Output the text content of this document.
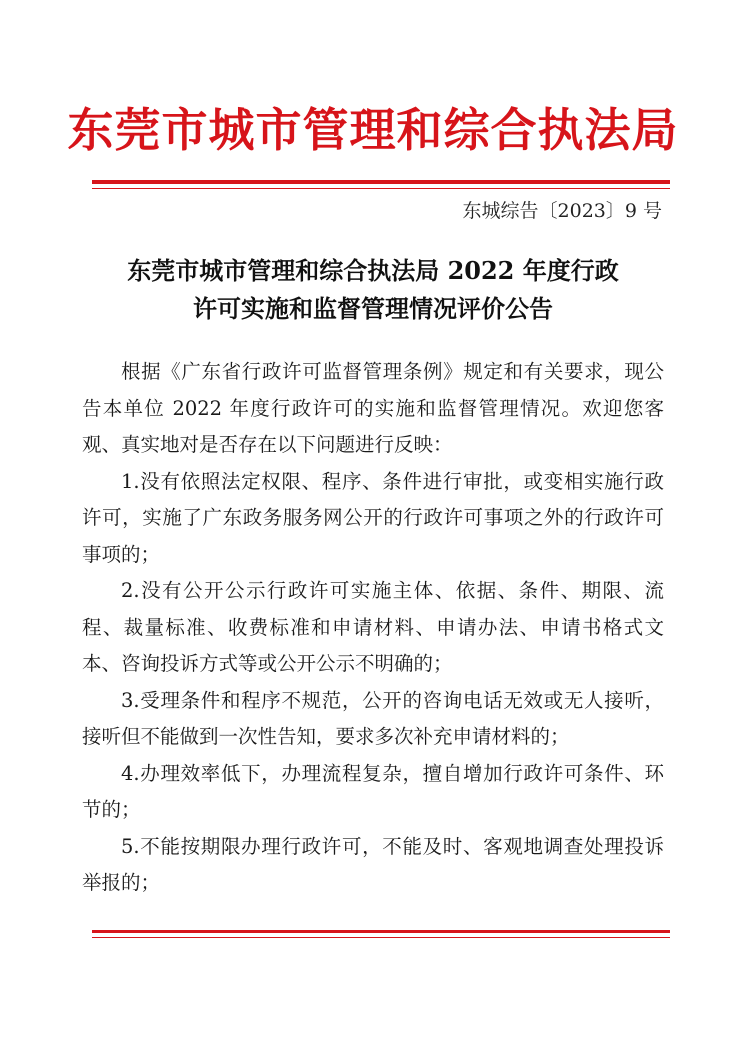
东莞市城市管理和综合执法局
东城综告〔2023〕9 号
东莞市城市管理和综合执法局 2022 年度行政
许可实施和监督管理情况评价公告

根据《广东省行政许可监督管理条例》规定和有关要求，现公告本单位 2022 年度行政许可的实施和监督管理情况。欢迎您客观、真实地对是否存在以下问题进行反映：

1.没有依照法定权限、程序、条件进行审批，或变相实施行政许可，实施了广东政务服务网公开的行政许可事项之外的行政许可事项的；

2.没有公开公示行政许可实施主体、依据、条件、期限、流程、裁量标准、收费标准和申请材料、申请办法、申请书格式文本、咨询投诉方式等或公开公示不明确的；

3.受理条件和程序不规范，公开的咨询电话无效或无人接听，接听但不能做到一次性告知，要求多次补充申请材料的；

4.办理效率低下，办理流程复杂，擅自增加行政许可条件、环节的；

5.不能按期限办理行政许可，不能及时、客观地调查处理投诉举报的；
